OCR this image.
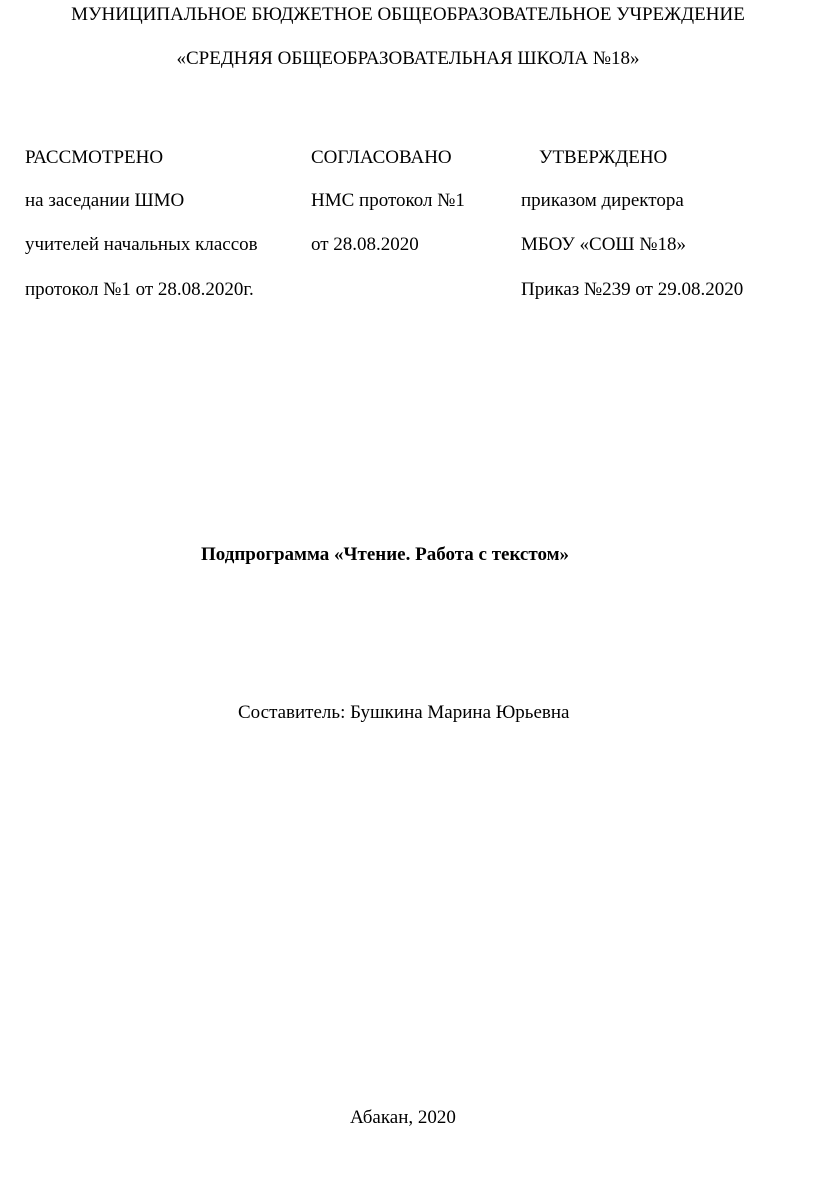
МУНИЦИПАЛЬНОЕ БЮДЖЕТНОЕ ОБЩЕОБРАЗОВАТЕЛЬНОЕ УЧРЕЖДЕНИЕ
«СРЕДНЯЯ ОБЩЕОБРАЗОВАТЕЛЬНАЯ ШКОЛА №18»
РАССМОТРЕНО
на заседании ШМО
учителей начальных классов
протокол №1 от 28.08.2020г.
СОГЛАСОВАНО
НМС протокол №1
от 28.08.2020
УТВЕРЖДЕНО
приказом директора
МБОУ «СОШ №18»
Приказ №239 от 29.08.2020
Подпрограмма «Чтение. Работа с текстом»
Составитель: Бушкина Марина Юрьевна
Абакан, 2020
